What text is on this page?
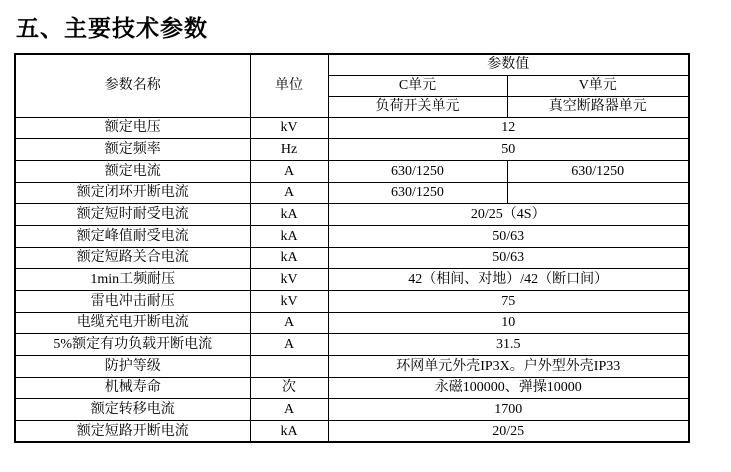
五、主要技术参数
参数名称	单位	参数值	
		C单元	V单元
		负荷开关单元	真空断路器单元
额定电压	kV	12	
额定频率	Hz	50	
额定电流	A	630/1250	630/1250
额定闭环开断电流	A	630/1250	
额定短时耐受电流	kA	20/25（4S）	
额定峰值耐受电流	kA	50/63	
额定短路关合电流	kA	50/63	
1min工频耐压	kV	42（相间、对地）/42（断口间）	
雷电冲击耐压	kV	75	
电缆充电开断电流	A	10	
5%额定有功负载开断电流	A	31.5	
防护等级		环网单元外壳IP3X。户外型外壳IP33	
机械寿命	次	永磁100000、弹操10000	
额定转移电流	A	1700	
额定短路开断电流	kA	20/25	
